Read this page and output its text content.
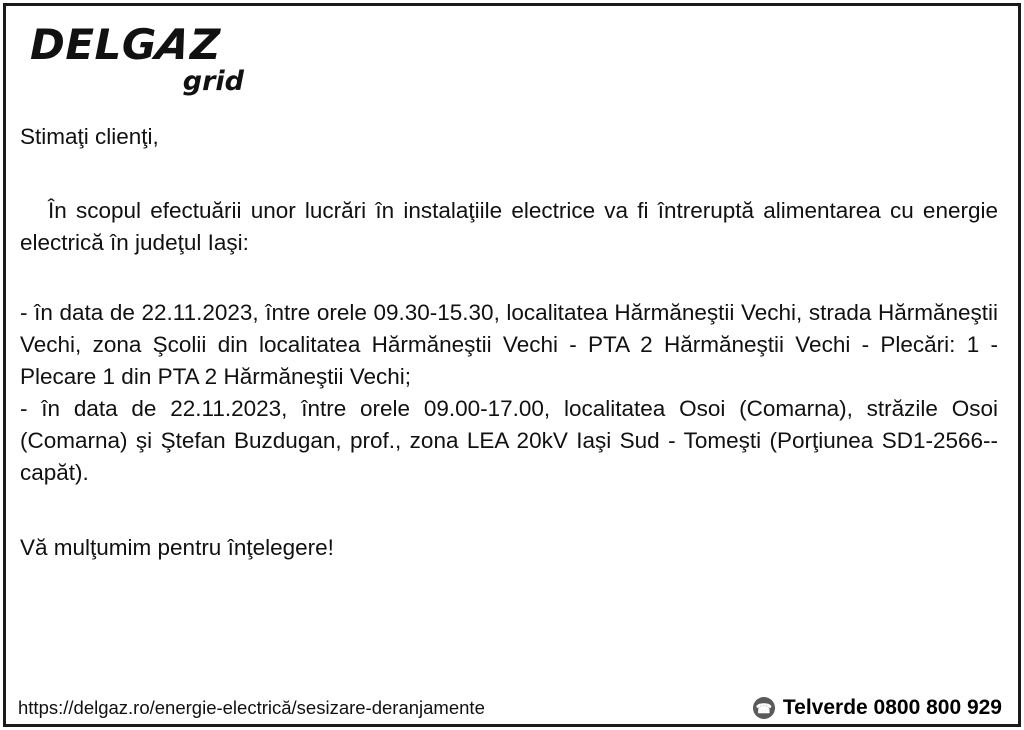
DELGAZ
grid

Stimaţi clienţi,

În scopul efectuării unor lucrări în instalaţiile electrice va fi întreruptă alimentarea cu energie electrică în judeţul Iaşi:

- în data de 22.11.2023, între orele 09.30-15.30, localitatea Hărmăneştii Vechi, strada Hărmăneştii Vechi, zona Şcolii din localitatea Hărmăneştii Vechi - PTA 2 Hărmăneştii Vechi - Plecări: 1 - Plecare 1 din PTA 2 Hărmăneştii Vechi;

- în data de 22.11.2023, între orele 09.00-17.00, localitatea Osoi (Comarna), străzile Osoi (Comarna) şi Ştefan Buzdugan, prof., zona LEA 20kV Iaşi Sud - Tomeşti (Porţiunea SD1-2566--capăt).

Vă mulţumim pentru înţelegere!

https://delgaz.ro/energie-electrică/sesizare-deranjamente	☎ Telverde 0800 800 929
